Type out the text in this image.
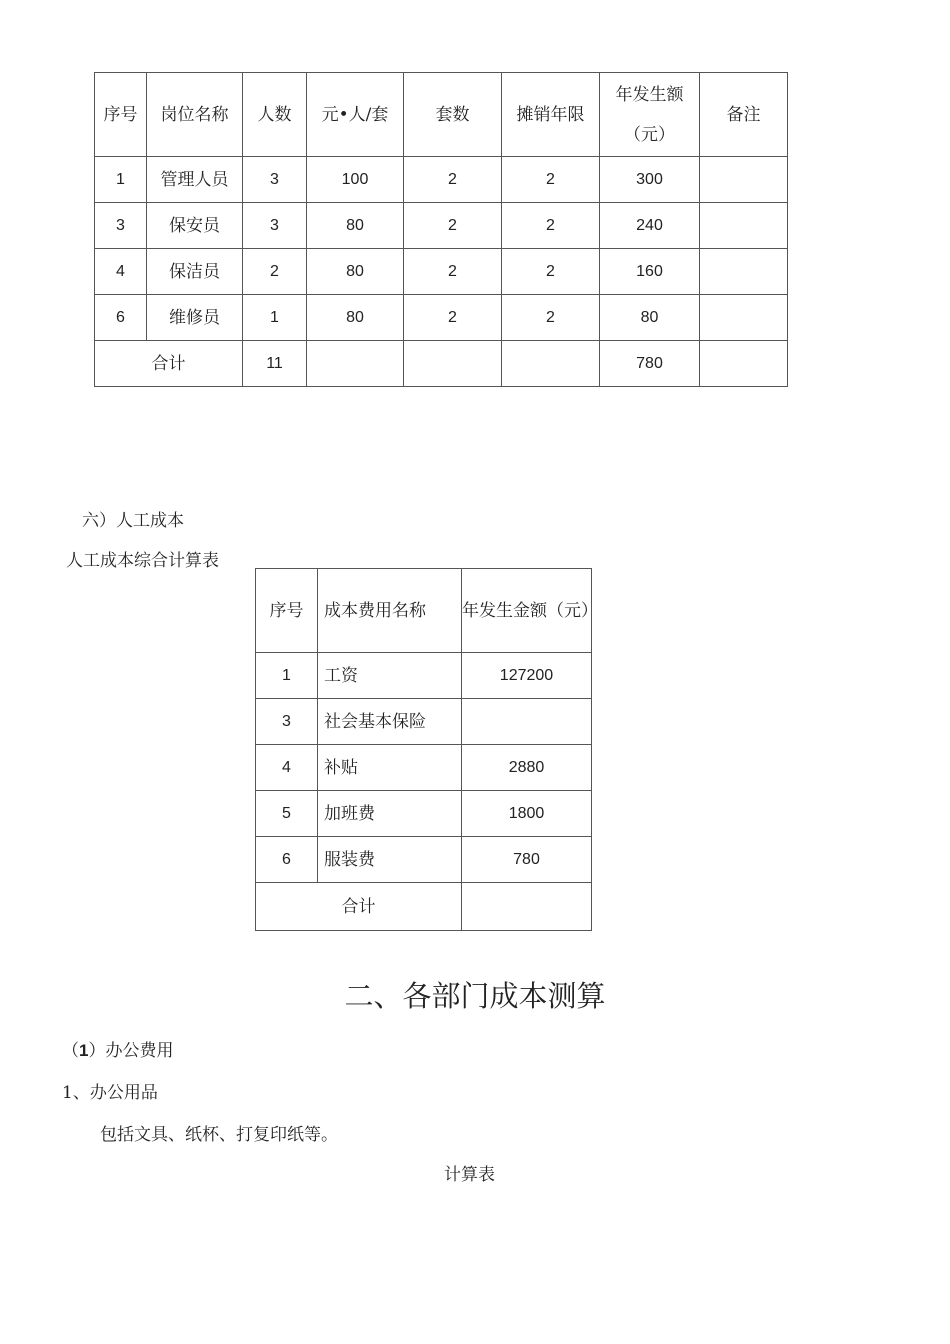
序号	岗位名称	人数	元•人/套	套数	摊销年限	年发生额（元）	备注
1	管理人员	3	100	2	2	300	
3	保安员	3	80	2	2	240	
4	保洁员	2	80	2	2	160	
6	维修员	1	80	2	2	80	
合计		11				780	
六）人工成本
人工成本综合计算表
序号	成本费用名称	年发生金额（元）
1	工资	127200
3	社会基本保险	
4	补贴	2880
5	加班费	1800
6	服装费	780
合计		
二、各部门成本测算
（1）办公费用
1、办公用品
包括文具、纸杯、打复印纸等。
计算表
